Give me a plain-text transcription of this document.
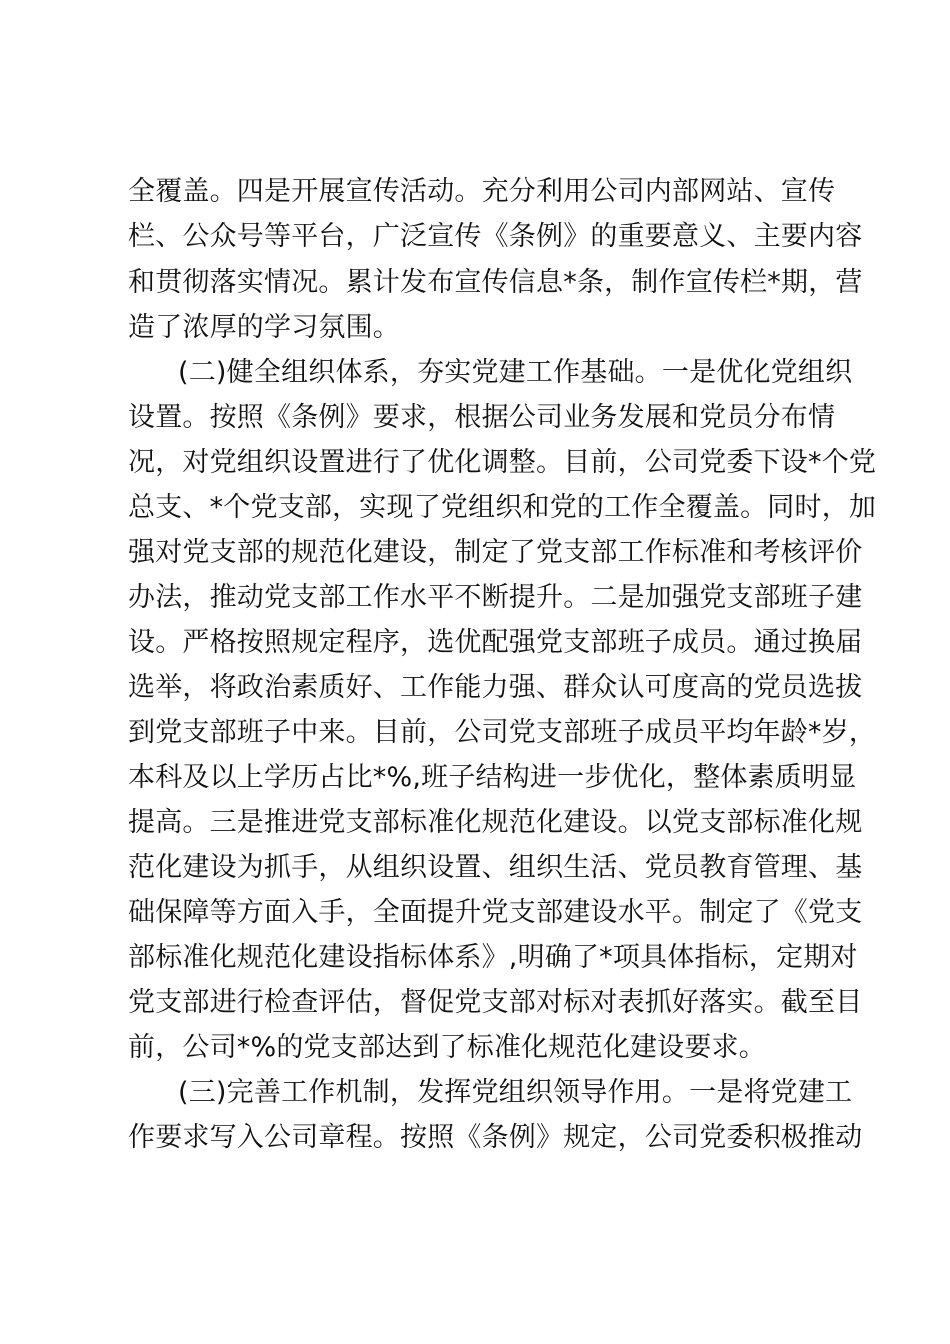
全覆盖。四是开展宣传活动。充分利用公司内部网站、宣传
栏、公众号等平台，广泛宣传《条例》的重要意义、主要内容
和贯彻落实情况。累计发布宣传信息*条，制作宣传栏*期，营
造了浓厚的学习氛围。
(二)健全组织体系，夯实党建工作基础。一是优化党组织
设置。按照《条例》要求，根据公司业务发展和党员分布情
况，对党组织设置进行了优化调整。目前，公司党委下设*个党
总支、*个党支部，实现了党组织和党的工作全覆盖。同时，加
强对党支部的规范化建设，制定了党支部工作标准和考核评价
办法，推动党支部工作水平不断提升。二是加强党支部班子建
设。严格按照规定程序，选优配强党支部班子成员。通过换届
选举，将政治素质好、工作能力强、群众认可度高的党员选拔
到党支部班子中来。目前，公司党支部班子成员平均年龄*岁，
本科及以上学历占比*%,班子结构进一步优化，整体素质明显
提高。三是推进党支部标准化规范化建设。以党支部标准化规
范化建设为抓手，从组织设置、组织生活、党员教育管理、基
础保障等方面入手，全面提升党支部建设水平。制定了《党支
部标准化规范化建设指标体系》,明确了*项具体指标，定期对
党支部进行检查评估，督促党支部对标对表抓好落实。截至目
前，公司*%的党支部达到了标准化规范化建设要求。
(三)完善工作机制，发挥党组织领导作用。一是将党建工
作要求写入公司章程。按照《条例》规定，公司党委积极推动
